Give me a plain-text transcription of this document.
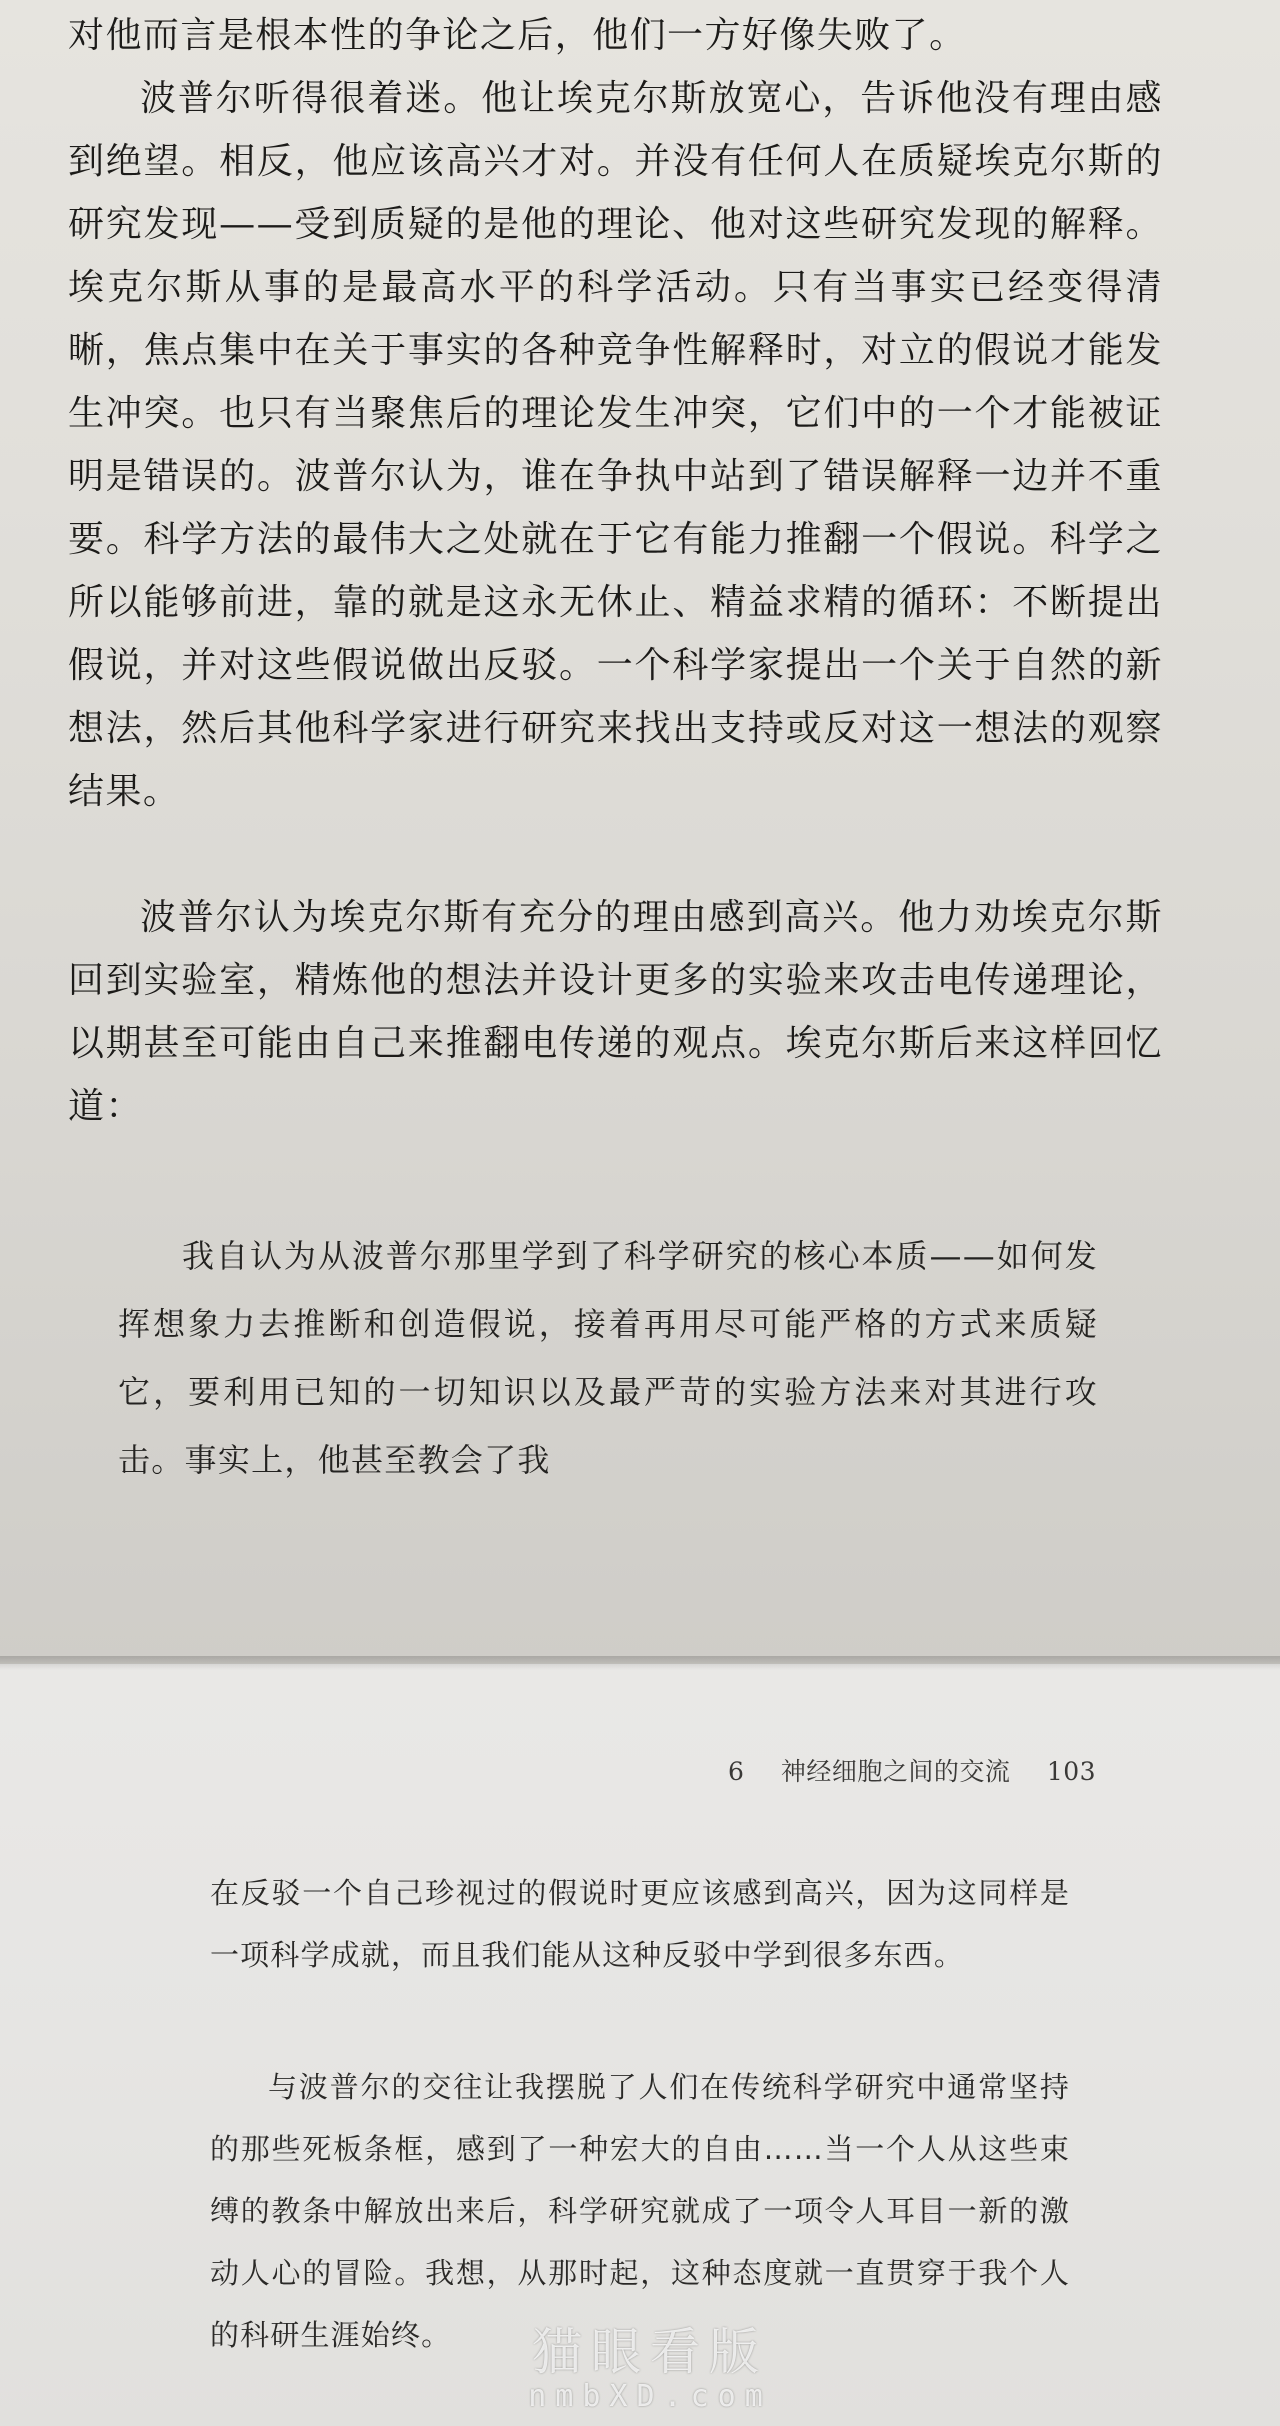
对他而言是根本性的争论之后，他们一方好像失败了。

波普尔听得很着迷。他让埃克尔斯放宽心，告诉他没有理由感到绝望。相反，他应该高兴才对。并没有任何人在质疑埃克尔斯的研究发现——受到质疑的是他的理论、他对这些研究发现的解释。埃克尔斯从事的是最高水平的科学活动。只有当事实已经变得清晰，焦点集中在关于事实的各种竞争性解释时，对立的假说才能发生冲突。也只有当聚焦后的理论发生冲突，它们中的一个才能被证明是错误的。波普尔认为，谁在争执中站到了错误解释一边并不重要。科学方法的最伟大之处就在于它有能力推翻一个假说。科学之所以能够前进，靠的就是这永无休止、精益求精的循环：不断提出假说，并对这些假说做出反驳。一个科学家提出一个关于自然的新想法，然后其他科学家进行研究来找出支持或反对这一想法的观察结果。

波普尔认为埃克尔斯有充分的理由感到高兴。他力劝埃克尔斯回到实验室，精炼他的想法并设计更多的实验来攻击电传递理论，以期甚至可能由自己来推翻电传递的观点。埃克尔斯后来这样回忆道：

我自认为从波普尔那里学到了科学研究的核心本质——如何发挥想象力去推断和创造假说，接着再用尽可能严格的方式来质疑它，要利用已知的一切知识以及最严苛的实验方法来对其进行攻击。事实上，他甚至教会了我

6 神经细胞之间的交流 103

在反驳一个自己珍视过的假说时更应该感到高兴，因为这同样是一项科学成就，而且我们能从这种反驳中学到很多东西。

与波普尔的交往让我摆脱了人们在传统科学研究中通常坚持的那些死板条框，感到了一种宏大的自由……当一个人从这些束缚的教条中解放出来后，科学研究就成了一项令人耳目一新的激动人心的冒险。我想，从那时起，这种态度就一直贯穿于我个人的科研生涯始终。	猫眼看版
nmbXD.com
